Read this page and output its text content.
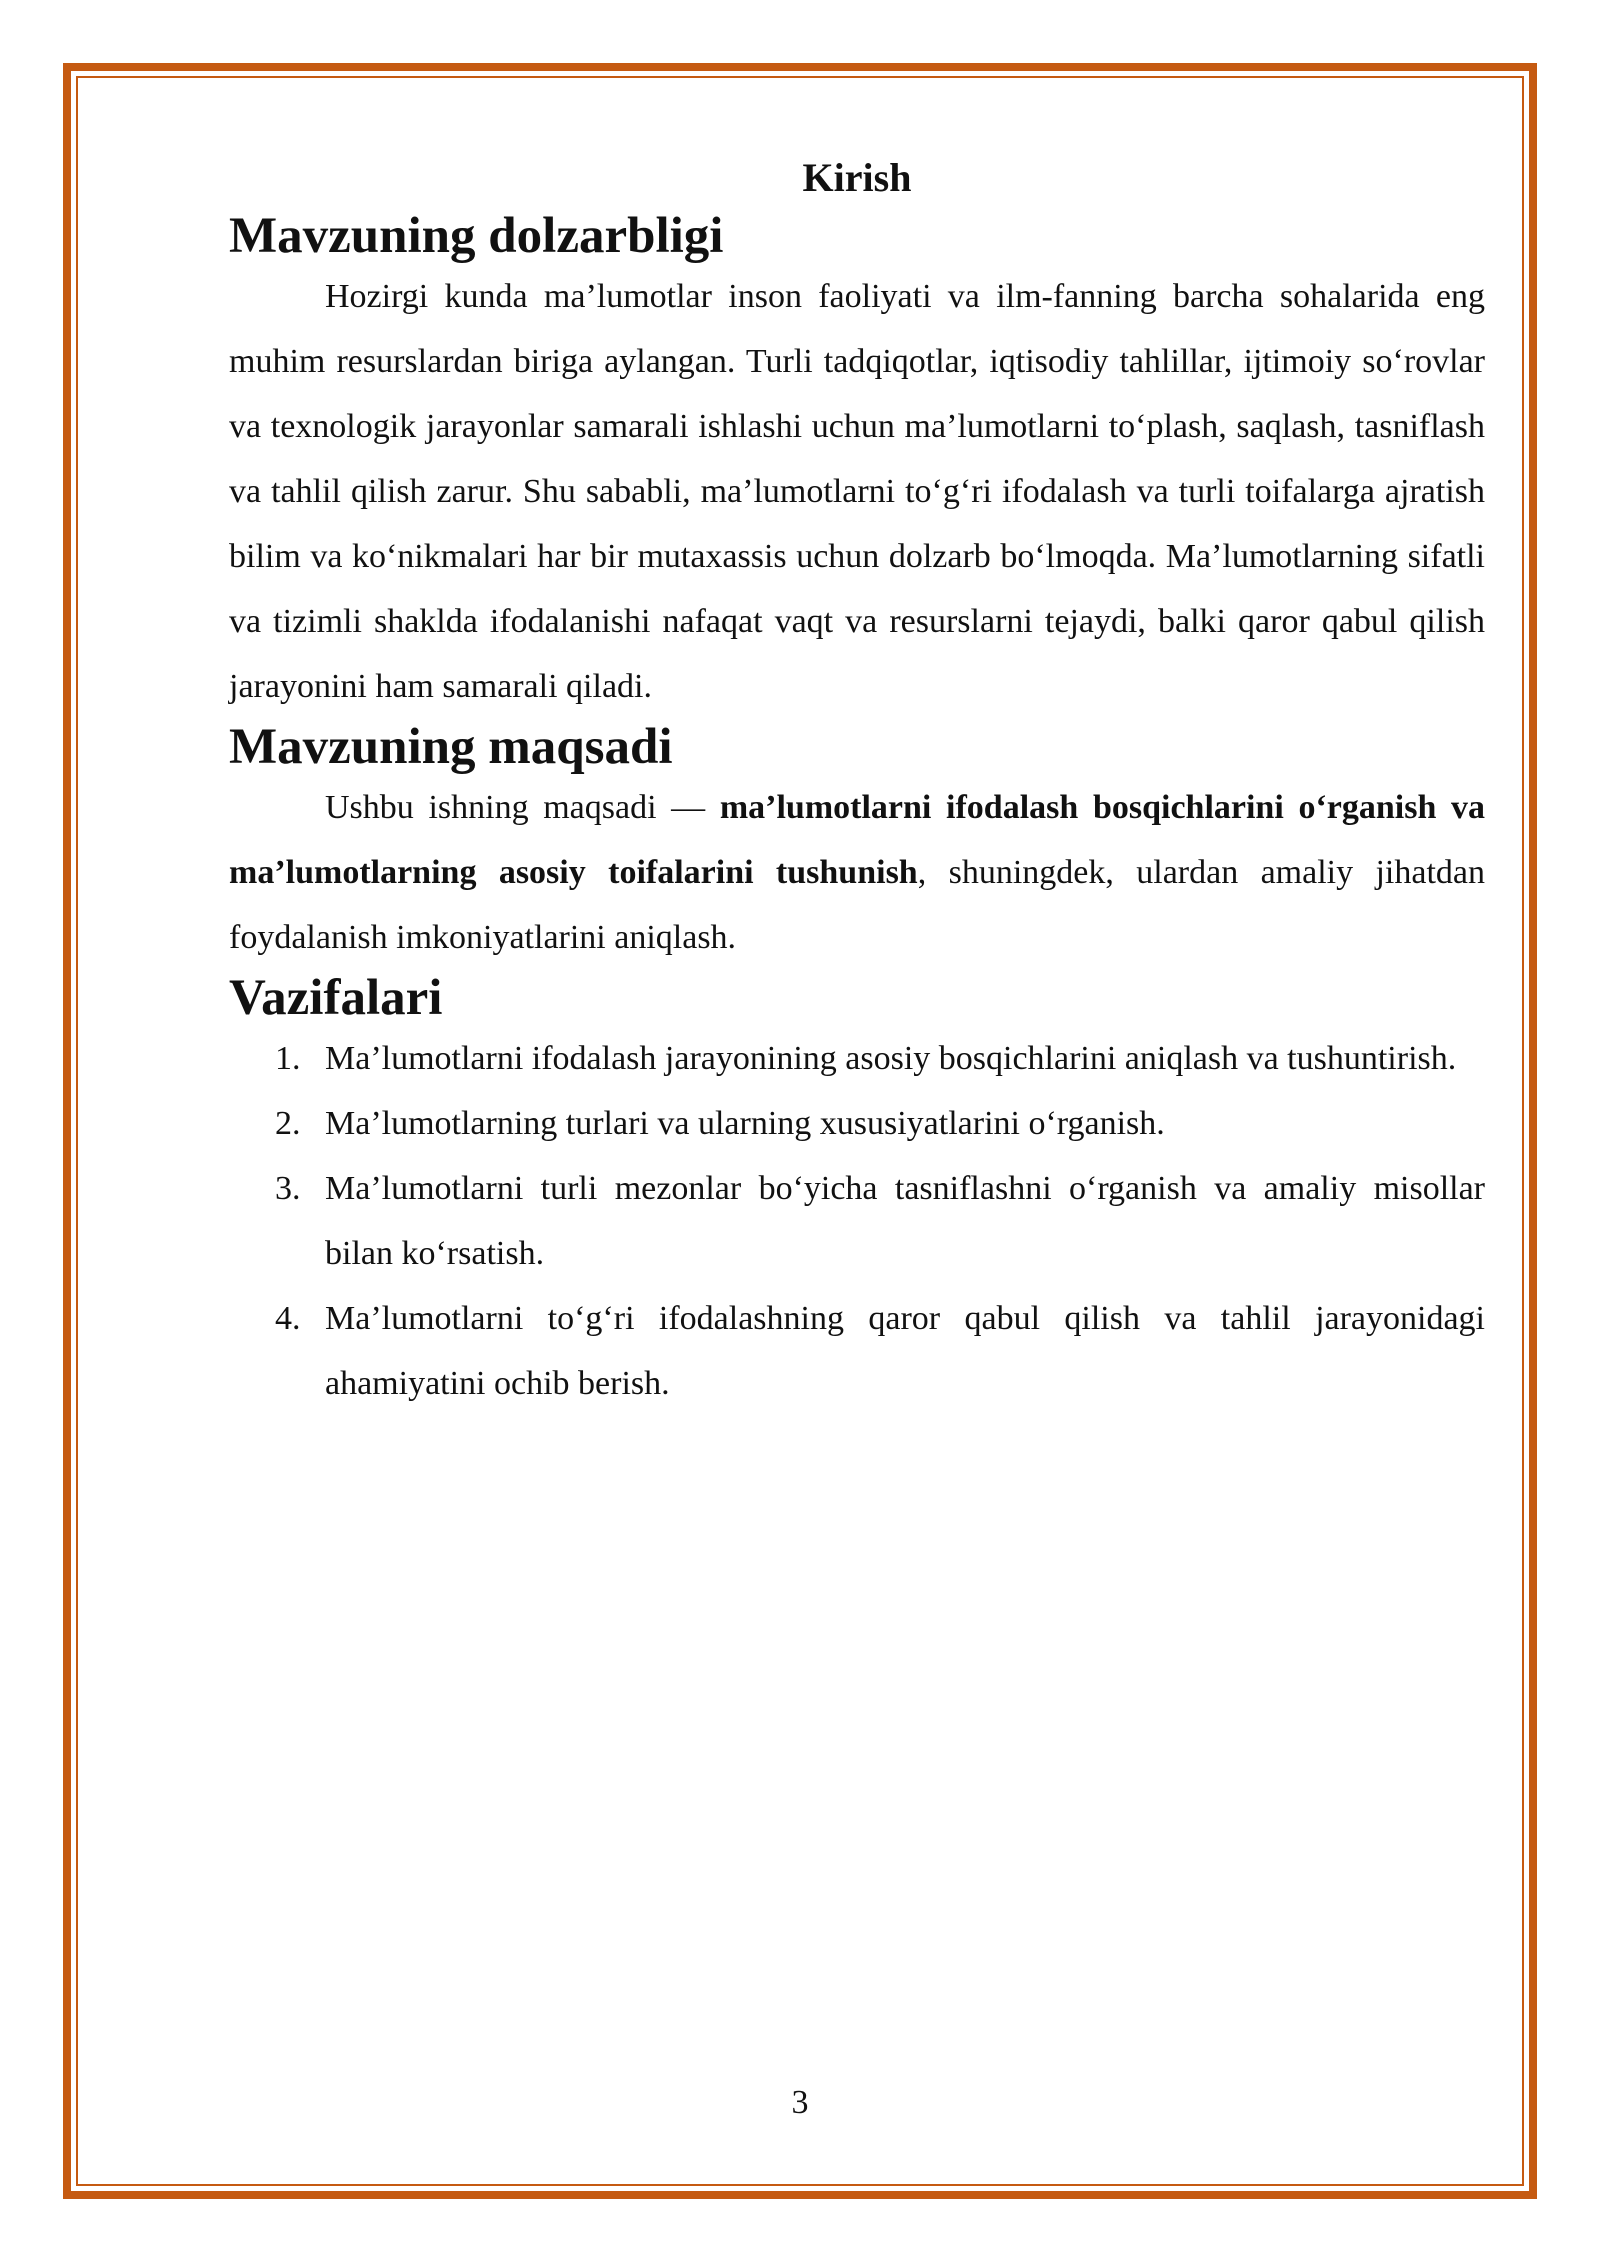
Kirish
Mavzuning dolzarbligi

Hozirgi kunda ma’lumotlar inson faoliyati va ilm-fanning barcha sohalarida eng muhim resurslardan biriga aylangan. Turli tadqiqotlar, iqtisodiy tahlillar, ijtimoiy so‘rovlar va texnologik jarayonlar samarali ishlashi uchun ma’lumotlarni to‘plash, saqlash, tasniflash va tahlil qilish zarur. Shu sababli, ma’lumotlarni to‘g‘ri ifodalash va turli toifalarga ajratish bilim va ko‘nikmalari har bir mutaxassis uchun dolzarb bo‘lmoqda. Ma’lumotlarning sifatli va tizimli shaklda ifodalanishi nafaqat vaqt va resurslarni tejaydi, balki qaror qabul qilish jarayonini ham samarali qiladi.

Mavzuning maqsadi

Ushbu ishning maqsadi — ma’lumotlarni ifodalash bosqichlarini o‘rganish va ma’lumotlarning asosiy toifalarini tushunish, shuningdek, ulardan amaliy jihatdan foydalanish imkoniyatlarini aniqlash.

Vazifalari
1. Ma’lumotlarni ifodalash jarayonining asosiy bosqichlarini aniqlash va tushuntirish.
2. Ma’lumotlarning turlari va ularning xususiyatlarini o‘rganish.
3. Ma’lumotlarni turli mezonlar bo‘yicha tasniflashni o‘rganish va amaliy misollar bilan ko‘rsatish.
4. Ma’lumotlarni to‘g‘ri ifodalashning qaror qabul qilish va tahlil jarayonidagi ahamiyatini ochib berish.
3
